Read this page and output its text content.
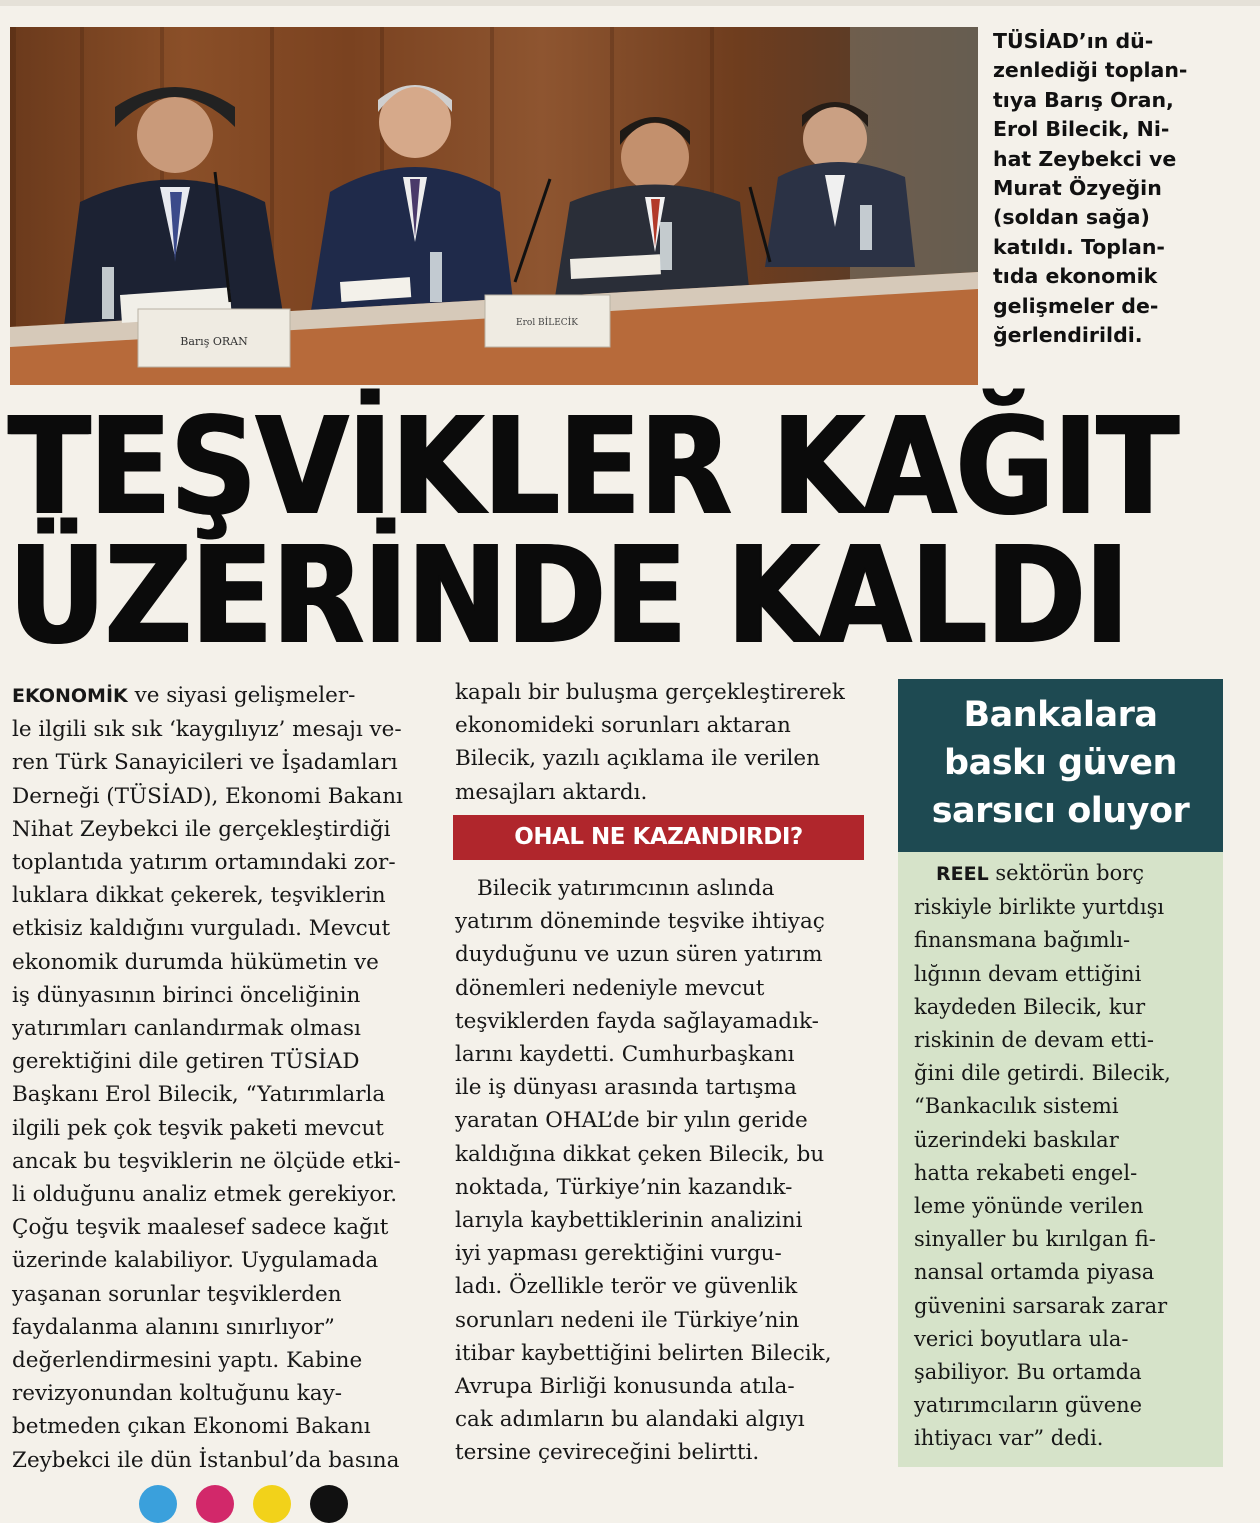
Barış ORAN
Erol BİLECİK
TÜSİAD’ın dü-
zenlediği toplan-
tıya Barış Oran,
Erol Bilecik, Ni-
hat Zeybekci ve
Murat Özyeğin
(soldan sağa)
katıldı. Toplan-
tıda ekonomik
gelişmeler de-
ğerlendirildi.
TEŞVİKLER KAĞIT
ÜZERİNDE KALDI
EKONOMİK ve siyasi gelişmeler-
le ilgili sık sık ‘kaygılıyız’ mesajı ve-
ren Türk Sanayicileri ve İşadamları
Derneği (TÜSİAD), Ekonomi Bakanı
Nihat Zeybekci ile gerçekleştirdiği
toplantıda yatırım ortamındaki zor-
luklara dikkat çekerek, teşviklerin
etkisiz kaldığını vurguladı. Mevcut
ekonomik durumda hükümetin ve
iş dünyasının birinci önceliğinin
yatırımları canlandırmak olması
gerektiğini dile getiren TÜSİAD
Başkanı Erol Bilecik, “Yatırımlarla
ilgili pek çok teşvik paketi mevcut
ancak bu teşviklerin ne ölçüde etki-
li olduğunu analiz etmek gerekiyor.
Çoğu teşvik maalesef sadece kağıt
üzerinde kalabiliyor. Uygulamada
yaşanan sorunlar teşviklerden
faydalanma alanını sınırlıyor”
değerlendirmesini yaptı. Kabine
revizyonundan koltuğunu kay-
betmeden çıkan Ekonomi Bakanı
Zeybekci ile dün İstanbul’da basına
kapalı bir buluşma gerçekleştirerek
ekonomideki sorunları aktaran
Bilecik, yazılı açıklama ile verilen
mesajları aktardı.
OHAL NE KAZANDIRDI?
Bilecik yatırımcının aslında
yatırım döneminde teşvike ihtiyaç
duyduğunu ve uzun süren yatırım
dönemleri nedeniyle mevcut
teşviklerden fayda sağlayamadık-
larını kaydetti. Cumhurbaşkanı
ile iş dünyası arasında tartışma
yaratan OHAL’de bir yılın geride
kaldığına dikkat çeken Bilecik, bu
noktada, Türkiye’nin kazandık-
larıyla kaybettiklerinin analizini
iyi yapması gerektiğini vurgu-
ladı. Özellikle terör ve güvenlik
sorunları nedeni ile Türkiye’nin
itibar kaybettiğini belirten Bilecik,
Avrupa Birliği konusunda atıla-
cak adımların bu alandaki algıyı
tersine çevireceğini belirtti.
Bankalara
baskı güven
sarsıcı oluyor
REEL sektörün borç
riskiyle birlikte yurtdışı
finansmana bağımlı-
lığının devam ettiğini
kaydeden Bilecik, kur
riskinin de devam etti-
ğini dile getirdi. Bilecik,
“Bankacılık sistemi
üzerindeki baskılar
hatta rekabeti engel-
leme yönünde verilen
sinyaller bu kırılgan fi-
nansal ortamda piyasa
güvenini sarsarak zarar
verici boyutlara ula-
şabiliyor. Bu ortamda
yatırımcıların güvene
ihtiyacı var” dedi.
